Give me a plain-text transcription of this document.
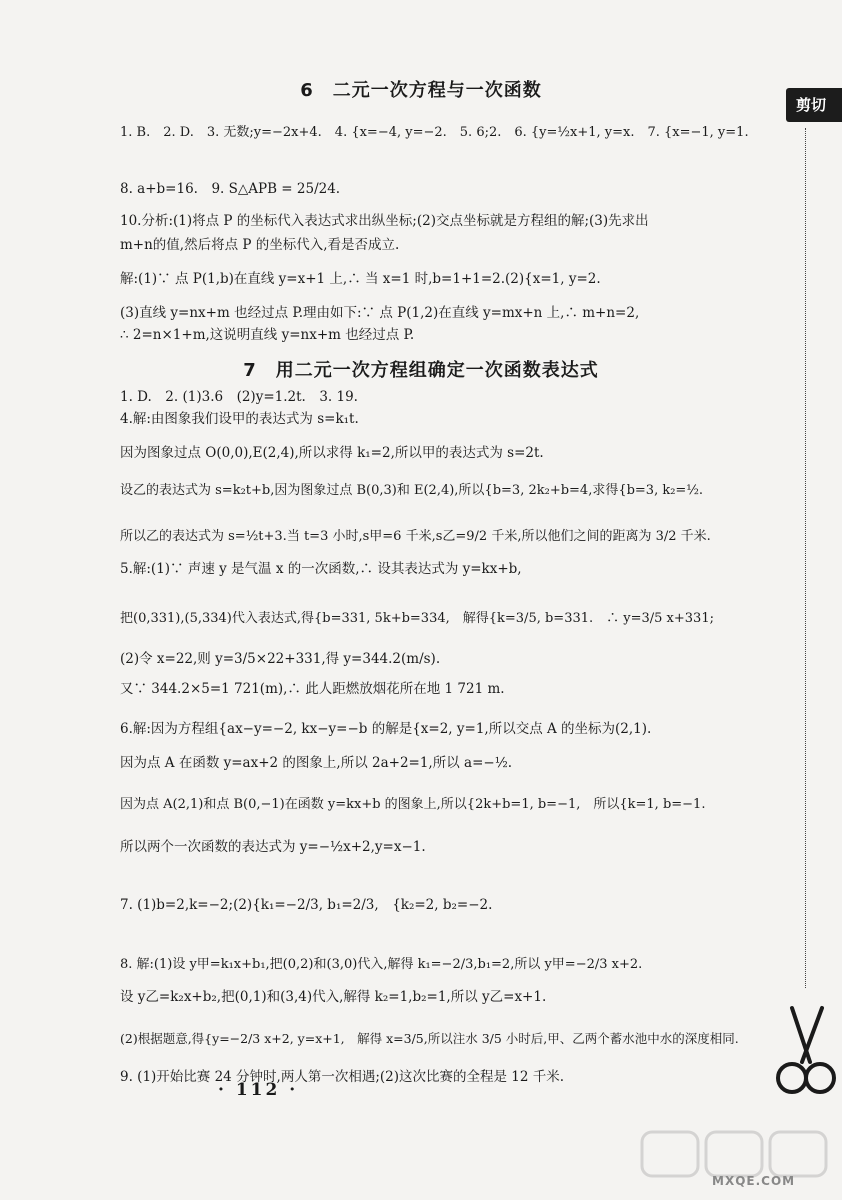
6　二元一次方程与一次函数
1. B.　2. D.　3. 无数;y=−2x+4.　4. {x=−4, y=−2.　5. 6;2.　6. {y=½x+1, y=x.　7. {x=−1, y=1.
8. a+b=16.　9. S△APB = 25/24.
10.分析:(1)将点 P 的坐标代入表达式求出纵坐标;(2)交点坐标就是方程组的解;(3)先求出
m+n的值,然后将点 P 的坐标代入,看是否成立.
解:(1)∵ 点 P(1,b)在直线 y=x+1 上,∴ 当 x=1 时,b=1+1=2.(2){x=1, y=2.
(3)直线 y=nx+m 也经过点 P.理由如下:∵ 点 P(1,2)在直线 y=mx+n 上,∴ m+n=2,
∴ 2=n×1+m,这说明直线 y=nx+m 也经过点 P.
7　用二元一次方程组确定一次函数表达式
1. D.　2. (1)3.6　(2)y=1.2t.　3. 19.
4.解:由图象我们设甲的表达式为 s=k₁t.
因为图象过点 O(0,0),E(2,4),所以求得 k₁=2,所以甲的表达式为 s=2t.
设乙的表达式为 s=k₂t+b,因为图象过点 B(0,3)和 E(2,4),所以{b=3, 2k₂+b=4,求得{b=3, k₂=½.
所以乙的表达式为 s=½t+3.当 t=3 小时,s甲=6 千米,s乙=9/2 千米,所以他们之间的距离为 3/2 千米.
5.解:(1)∵ 声速 y 是气温 x 的一次函数,∴ 设其表达式为 y=kx+b,
把(0,331),(5,334)代入表达式,得{b=331, 5k+b=334,　解得{k=3/5, b=331.　∴ y=3/5 x+331;
(2)令 x=22,则 y=3/5×22+331,得 y=344.2(m/s).
又∵ 344.2×5=1 721(m),∴ 此人距燃放烟花所在地 1 721 m.
6.解:因为方程组{ax−y=−2, kx−y=−b 的解是{x=2, y=1,所以交点 A 的坐标为(2,1).
因为点 A 在函数 y=ax+2 的图象上,所以 2a+2=1,所以 a=−½.
因为点 A(2,1)和点 B(0,−1)在函数 y=kx+b 的图象上,所以{2k+b=1, b=−1,　所以{k=1, b=−1.
所以两个一次函数的表达式为 y=−½x+2,y=x−1.
7. (1)b=2,k=−2;(2){k₁=−2/3, b₁=2/3,　{k₂=2, b₂=−2.
8. 解:(1)设 y甲=k₁x+b₁,把(0,2)和(3,0)代入,解得 k₁=−2/3,b₁=2,所以 y甲=−2/3 x+2.
设 y乙=k₂x+b₂,把(0,1)和(3,4)代入,解得 k₂=1,b₂=1,所以 y乙=x+1.
(2)根据题意,得{y=−2/3 x+2, y=x+1,　解得 x=3/5,所以注水 3/5 小时后,甲、乙两个蓄水池中水的深度相同.
9. (1)开始比赛 24 分钟时,两人第一次相遇;(2)这次比赛的全程是 12 千米.
· 112 ·
剪切
MXQE.COM
